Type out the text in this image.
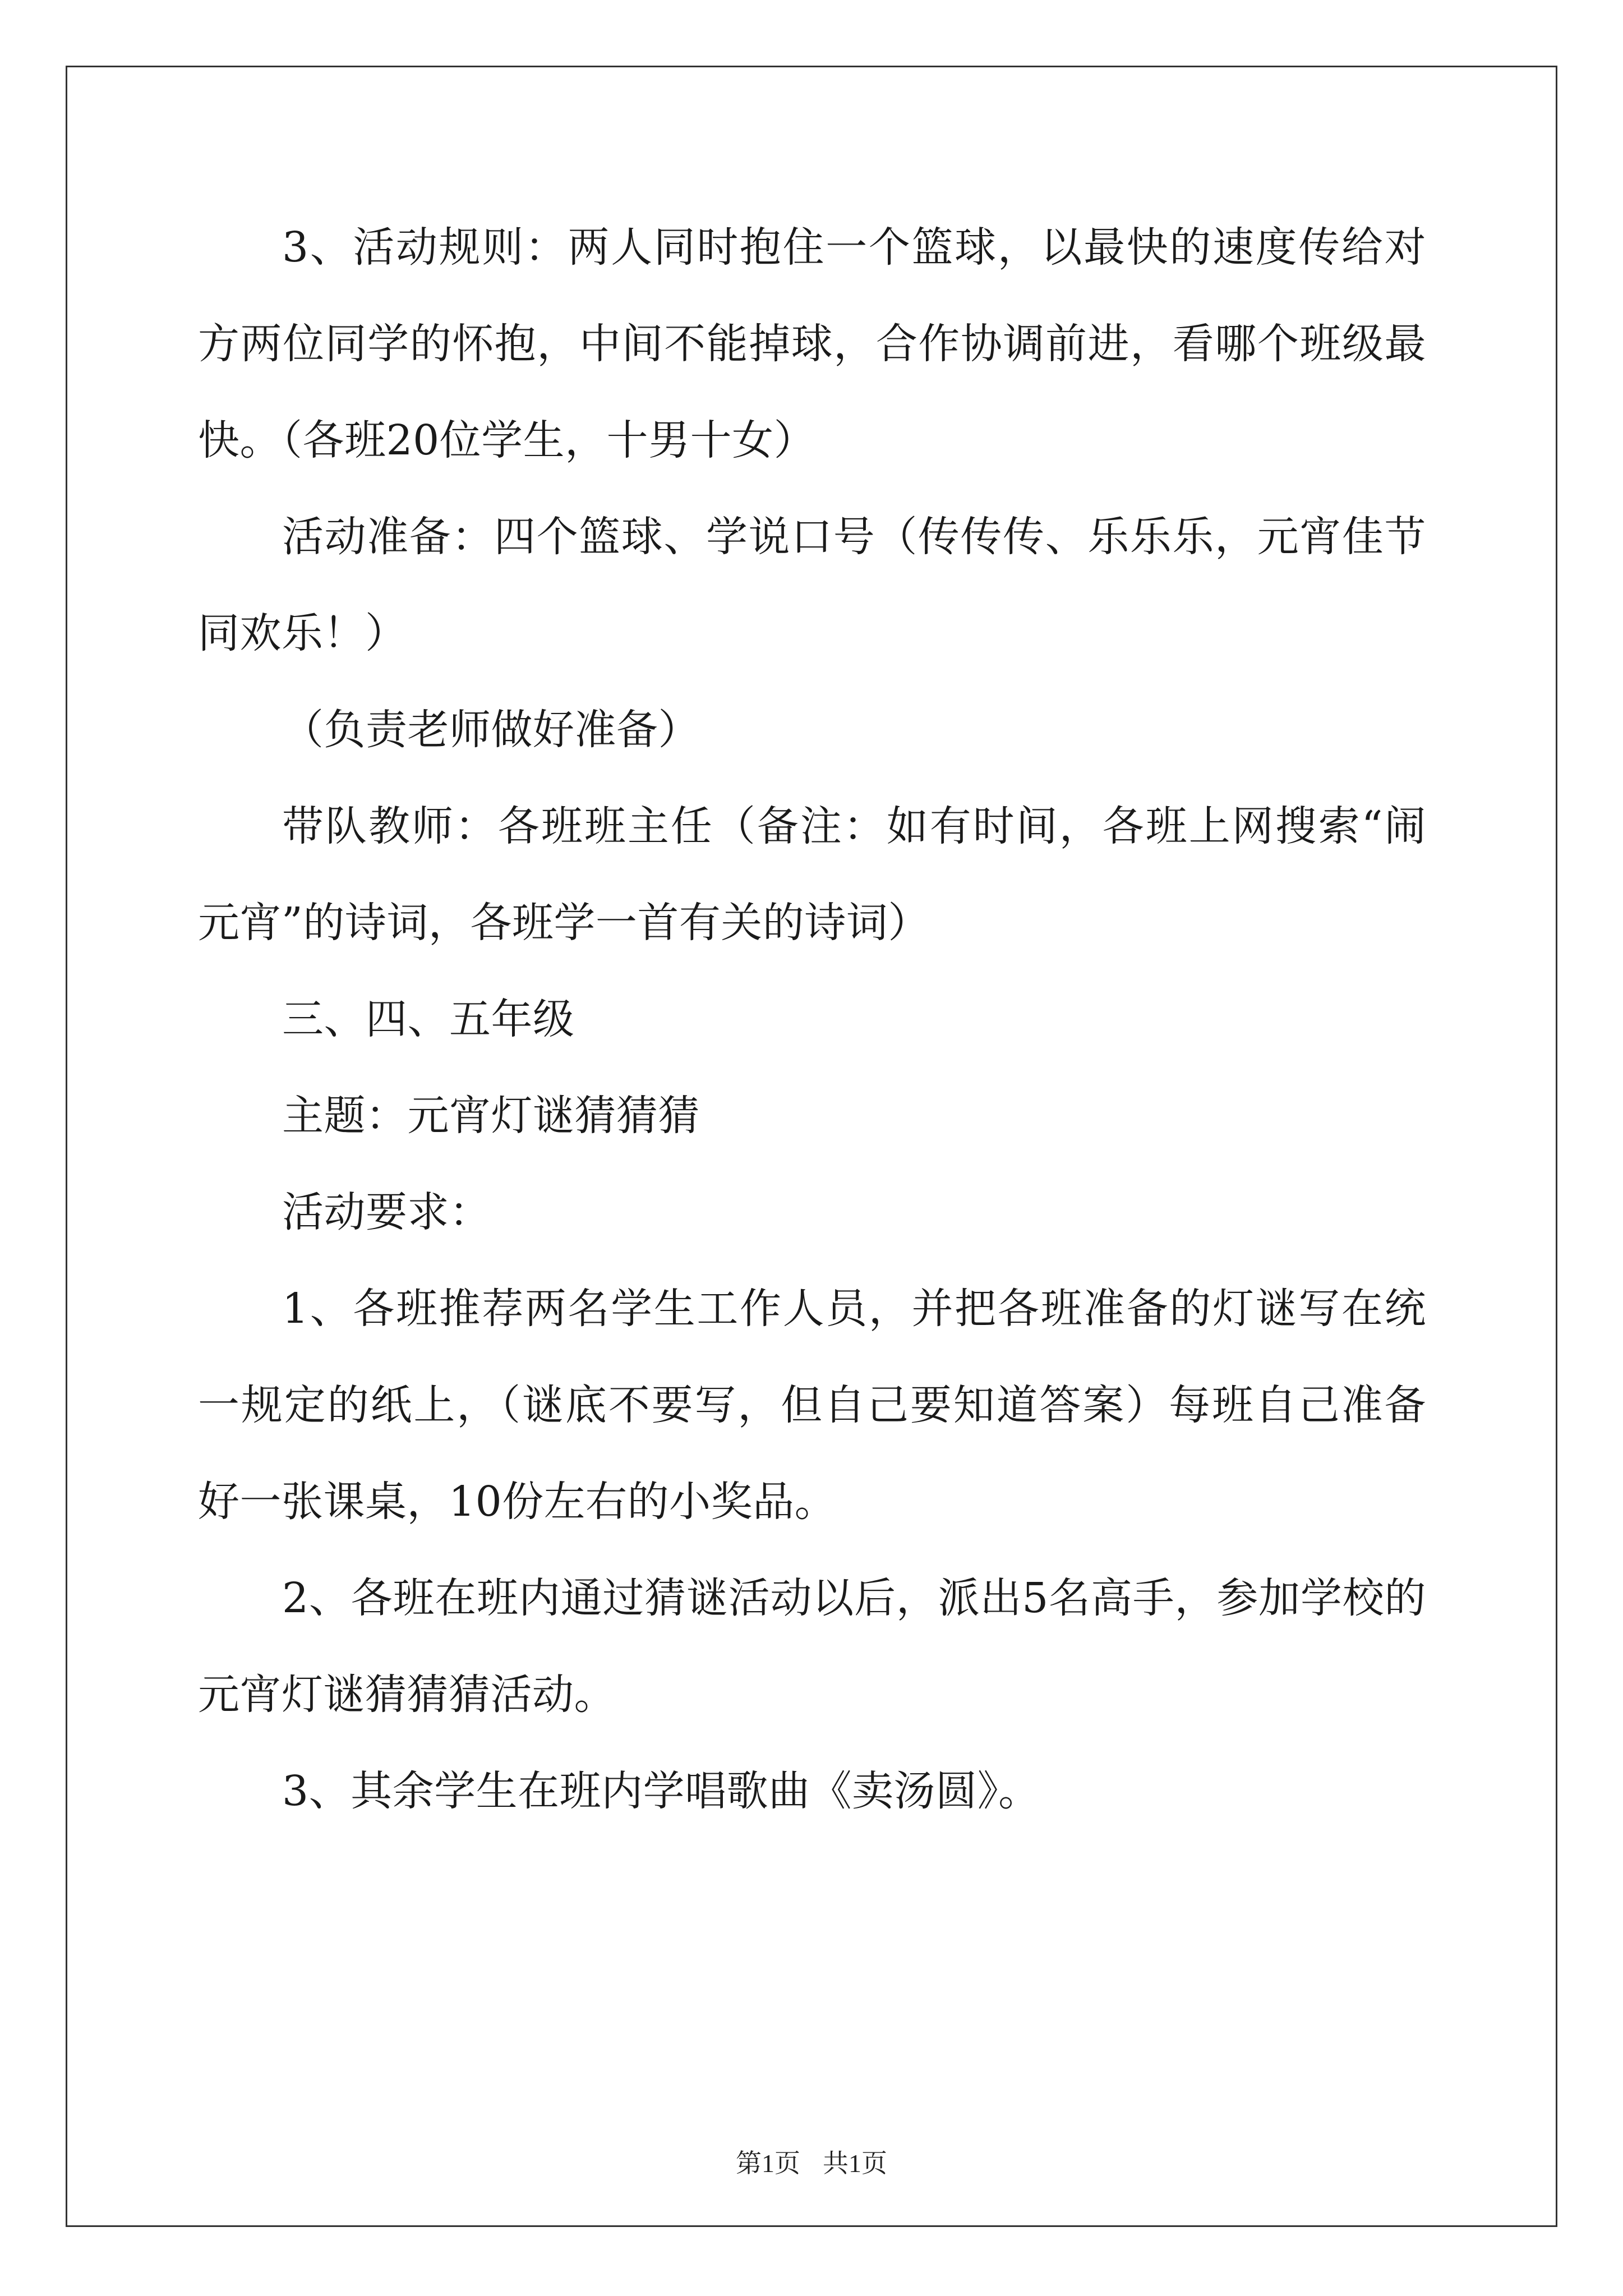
3、活动规则：两人同时抱住一个篮球，以最快的速度传给对方两位同学的怀抱，中间不能掉球，合作协调前进，看哪个班级最快。（各班20位学生，十男十女）

活动准备：四个篮球、学说口号（传传传、乐乐乐，元宵佳节同欢乐！）

（负责老师做好准备）

带队教师：各班班主任（备注：如有时间，各班上网搜索“闹元宵”的诗词，各班学一首有关的诗词）

三、四、五年级

主题：元宵灯谜猜猜猜

活动要求：

1、各班推荐两名学生工作人员，并把各班准备的灯谜写在统一规定的纸上，（谜底不要写，但自己要知道答案）每班自己准备好一张课桌，10份左右的小奖品。

2、各班在班内通过猜谜活动以后，派出5名高手，参加学校的元宵灯谜猜猜猜活动。

3、其余学生在班内学唱歌曲《卖汤圆》。

第1页 共1页
